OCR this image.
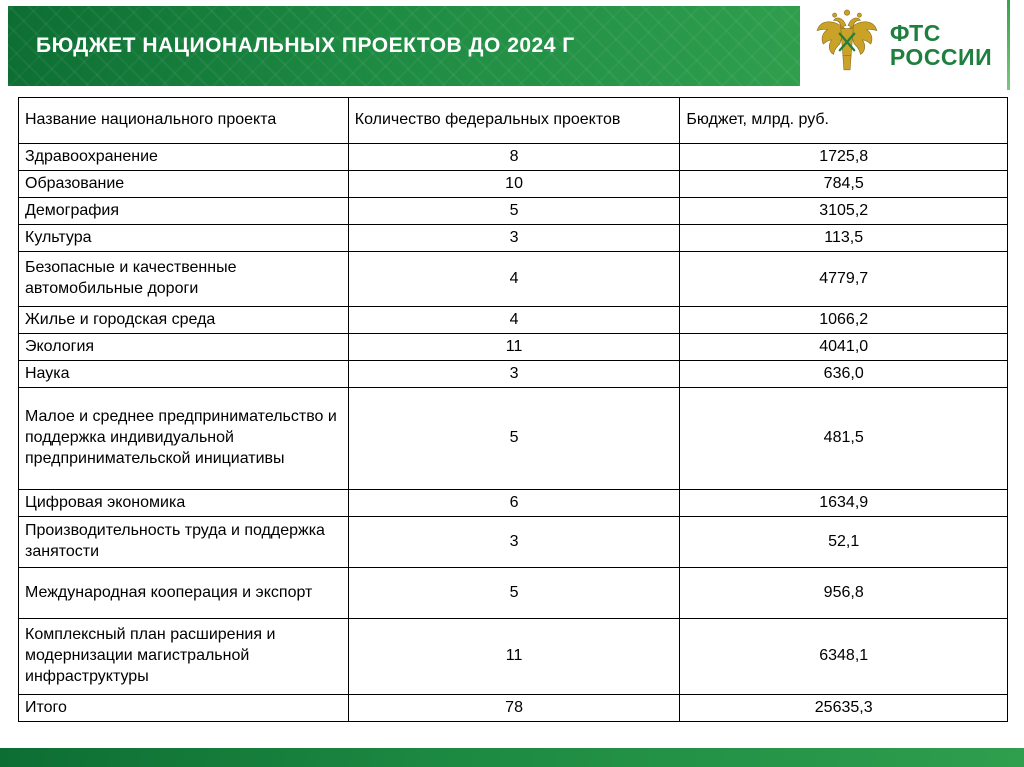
БЮДЖЕТ НАЦИОНАЛЬНЫХ ПРОЕКТОВ ДО 2024 Г	ФТС
РОССИИ
Название национального проекта	Количество федеральных проектов	Бюджет, млрд. руб.
Здравоохранение	8	1725,8
Образование	10	784,5
Демография	5	3105,2
Культура	3	113,5
Безопасные и качественные автомобильные дороги	4	4779,7
Жилье и городская среда	4	1066,2
Экология	11	4041,0
Наука	3	636,0
Малое и среднее предпринимательство и поддержка индивидуальной предпринимательской инициативы	5	481,5
Цифровая экономика	6	1634,9
Производительность труда и поддержка занятости	3	52,1
Международная кооперация и экспорт	5	956,8
Комплексный план расширения и модернизации магистральной инфраструктуры	11	6348,1
Итого	78	25635,3
